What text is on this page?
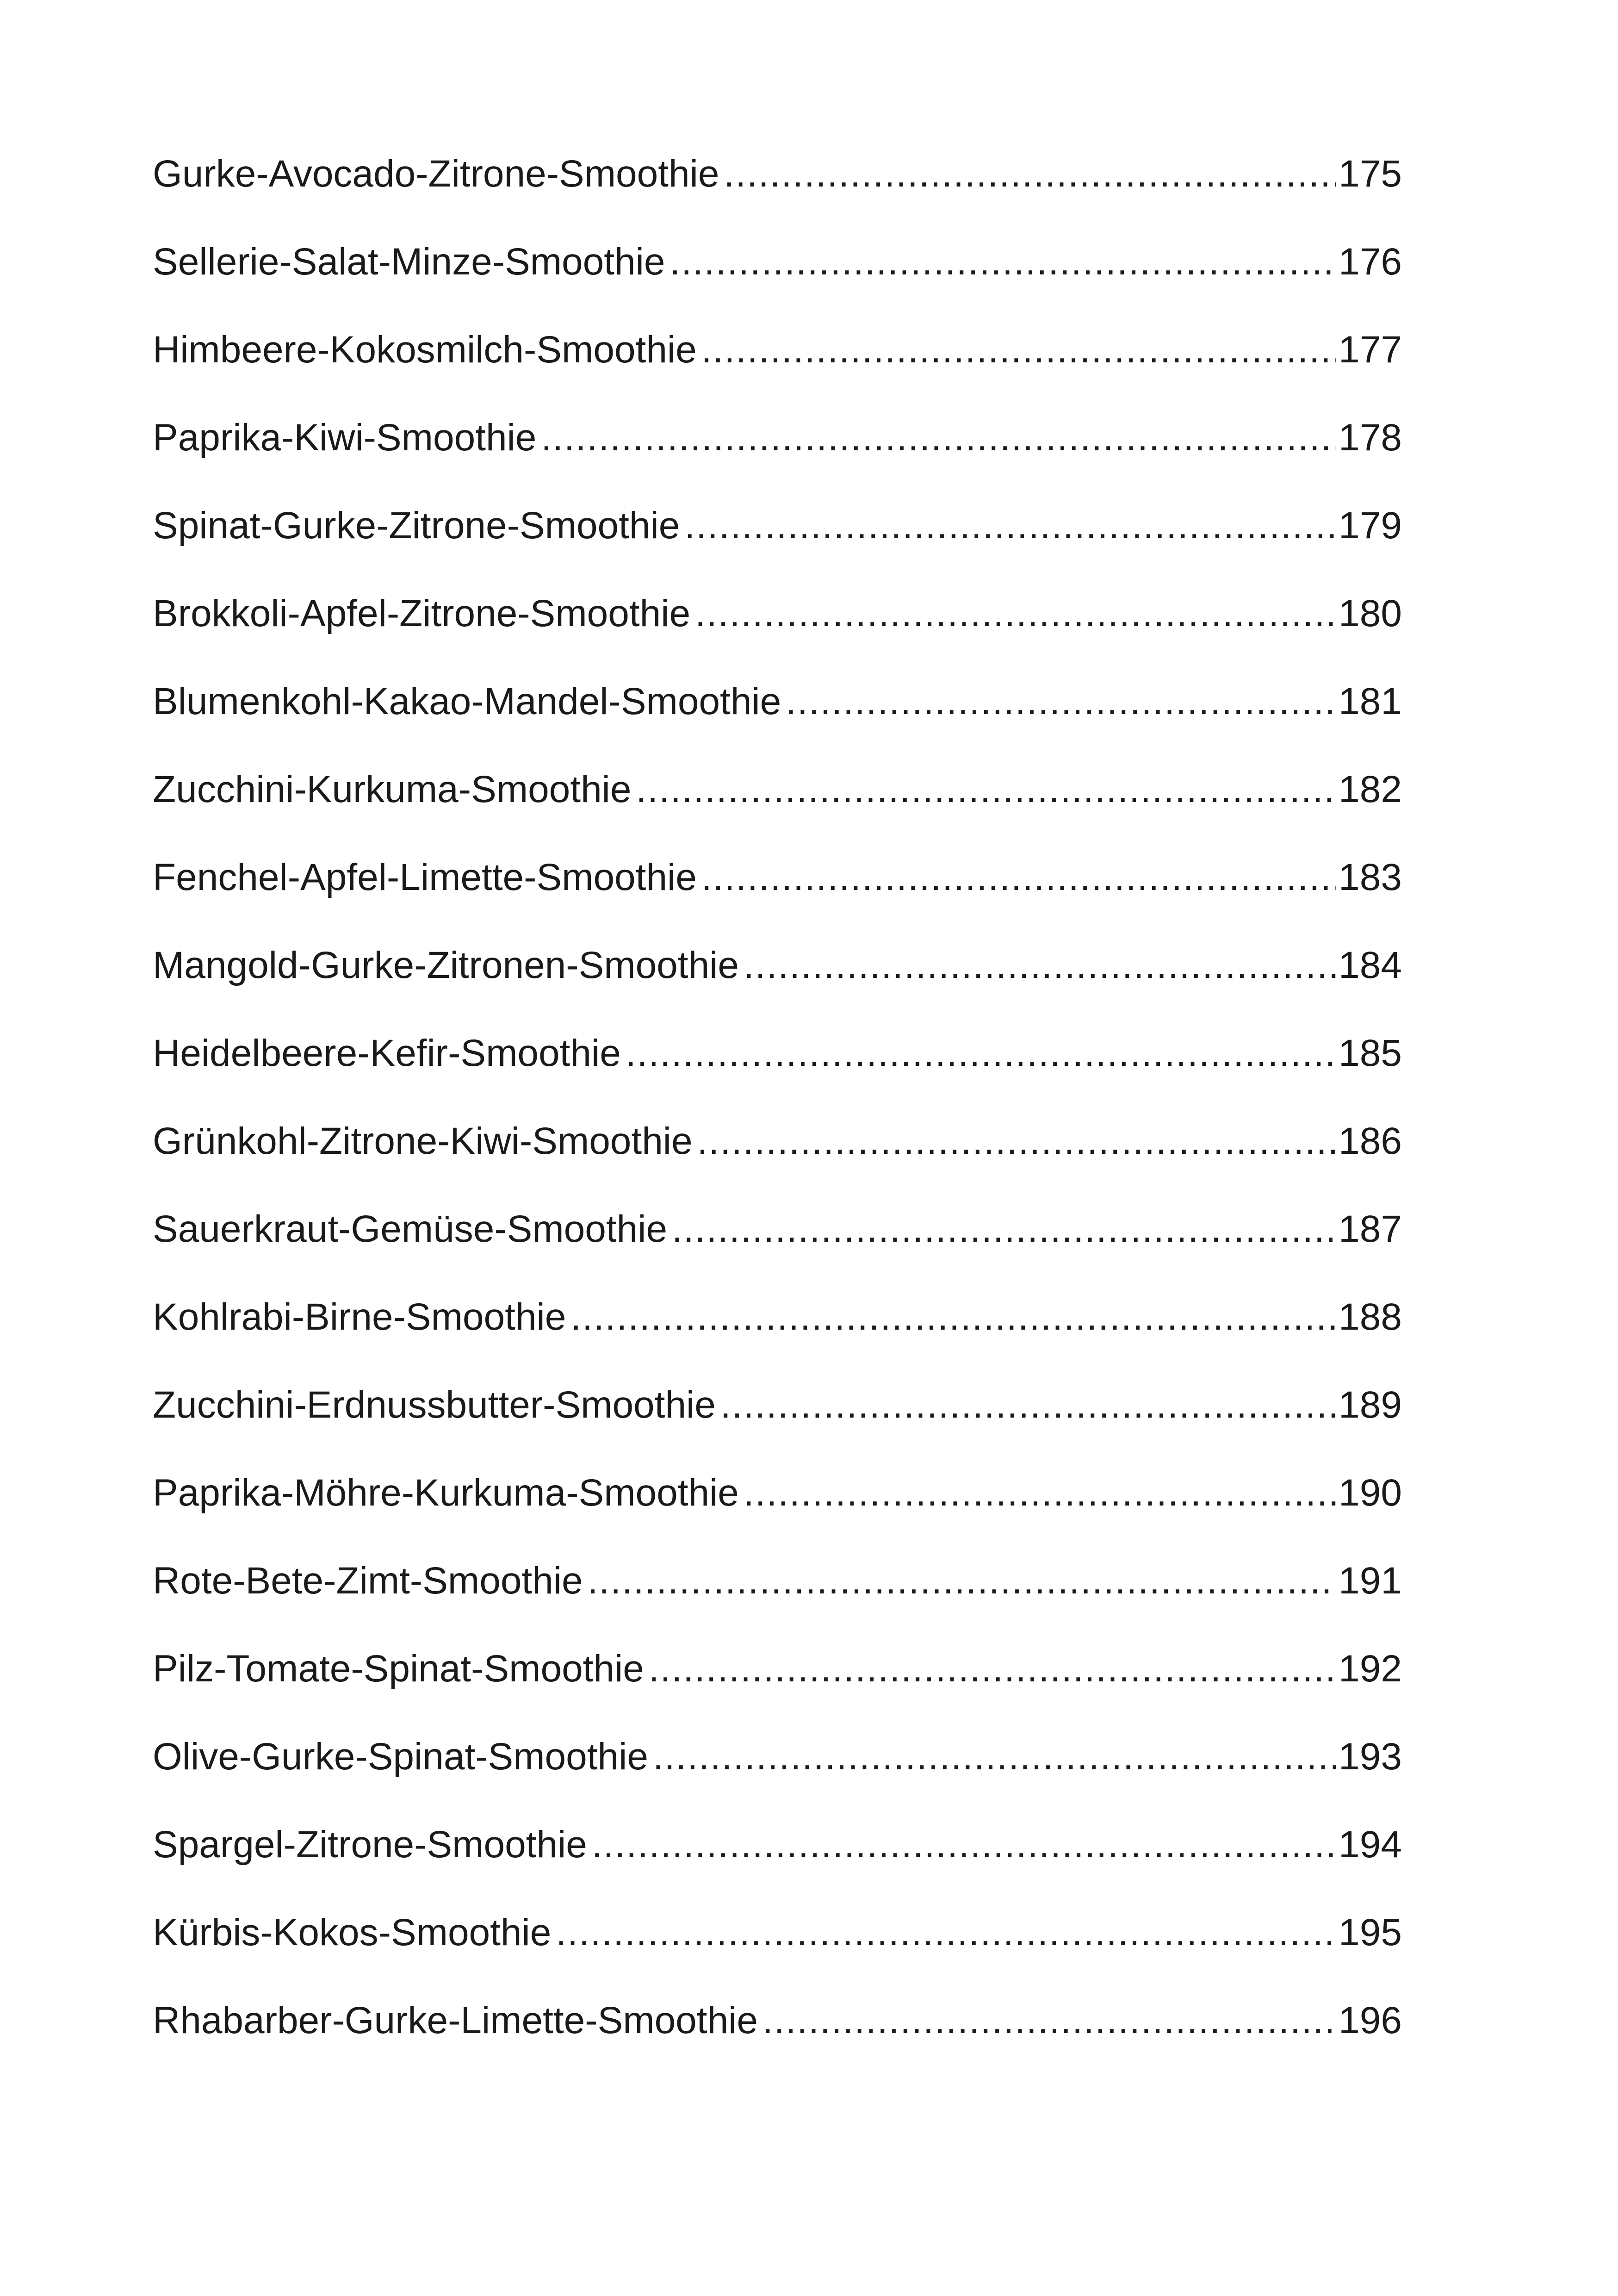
Gurke-Avocado-Zitrone-Smoothie .....	175
Sellerie-Salat-Minze-Smoothie .....	176
Himbeere-Kokosmilch-Smoothie .....	177
Paprika-Kiwi-Smoothie .....	178
Spinat-Gurke-Zitrone-Smoothie .....	179
Brokkoli-Apfel-Zitrone-Smoothie .....	180
Blumenkohl-Kakao-Mandel-Smoothie .....	181
Zucchini-Kurkuma-Smoothie .....	182
Fenchel-Apfel-Limette-Smoothie .....	183
Mangold-Gurke-Zitronen-Smoothie .....	184
Heidelbeere-Kefir-Smoothie .....	185
Grünkohl-Zitrone-Kiwi-Smoothie .....	186
Sauerkraut-Gemüse-Smoothie .....	187
Kohlrabi-Birne-Smoothie .....	188
Zucchini-Erdnussbutter-Smoothie .....	189
Paprika-Möhre-Kurkuma-Smoothie .....	190
Rote-Bete-Zimt-Smoothie .....	191
Pilz-Tomate-Spinat-Smoothie .....	192
Olive-Gurke-Spinat-Smoothie .....	193
Spargel-Zitrone-Smoothie .....	194
Kürbis-Kokos-Smoothie .....	195
Rhabarber-Gurke-Limette-Smoothie .....	196
